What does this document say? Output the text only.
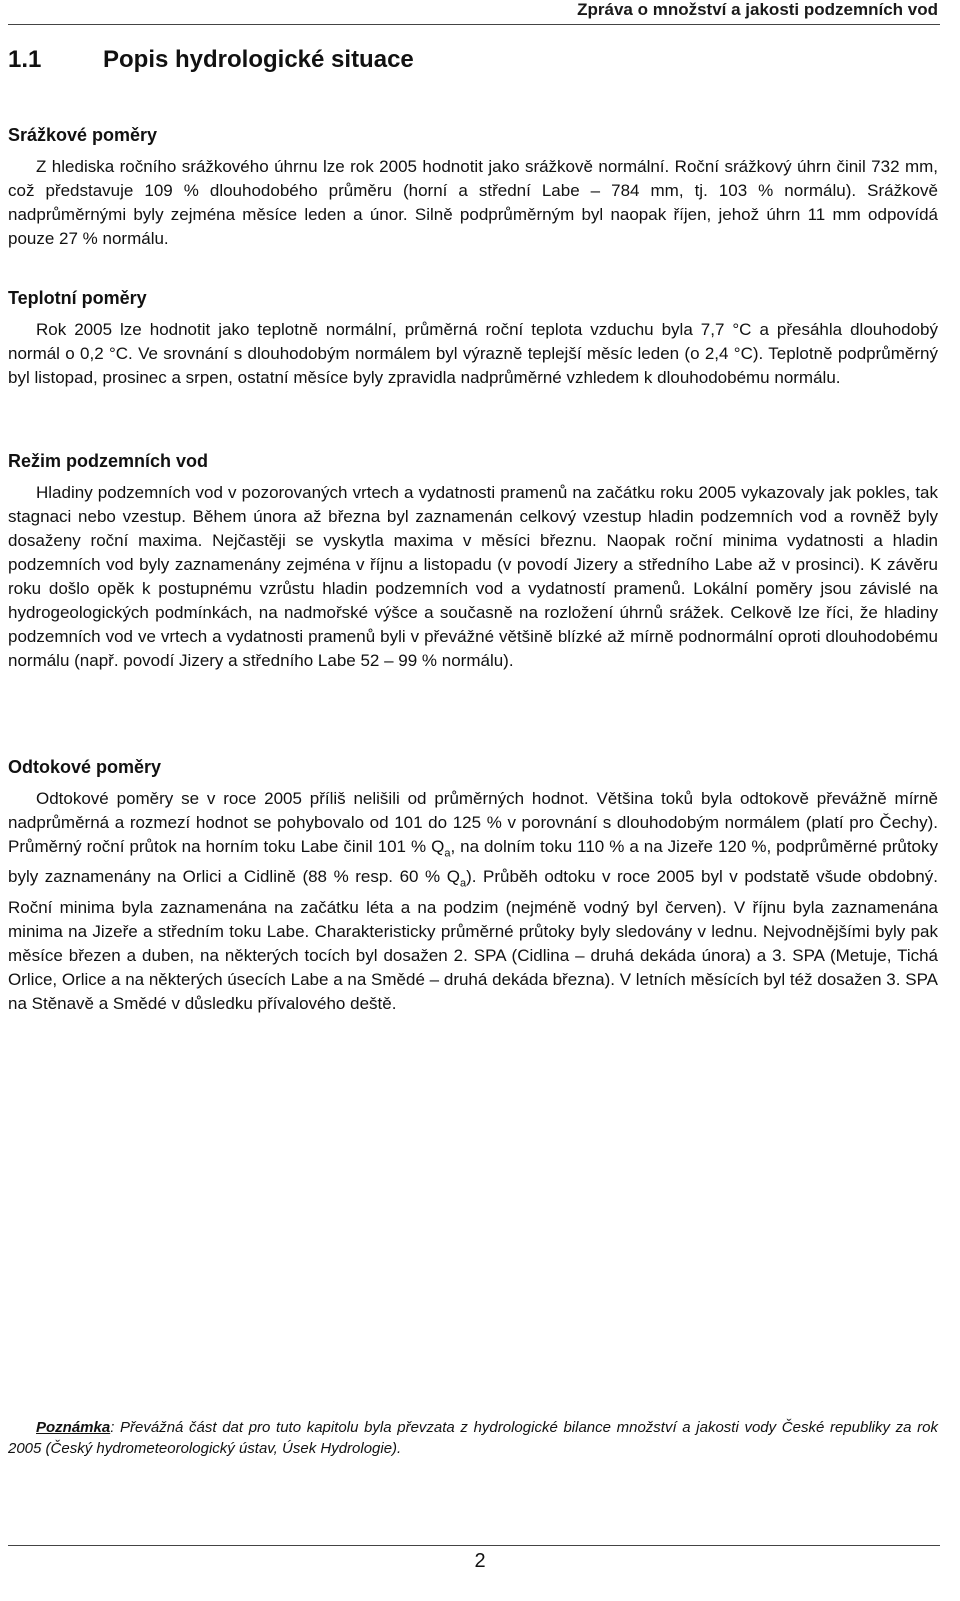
Zpráva o množství a jakosti podzemních vod
1.1	Popis hydrologické situace
Srážkové poměry

Z hlediska ročního srážkového úhrnu lze rok 2005 hodnotit jako srážkově normální. Roční srážkový úhrn činil 732 mm, což představuje 109 % dlouhodobého průměru (horní a střední Labe – 784 mm, tj. 103 % normálu). Srážkově nadprůměrnými byly zejména měsíce leden a únor. Silně podprůměrným byl naopak říjen, jehož úhrn 11 mm odpovídá pouze 27 % normálu.

Teplotní poměry

Rok 2005 lze hodnotit jako teplotně normální, průměrná roční teplota vzduchu byla 7,7 °C a přesáhla dlouhodobý normál o 0,2 °C. Ve srovnání s dlouhodobým normálem byl výrazně teplejší měsíc leden (o 2,4 °C). Teplotně podprůměrný byl listopad, prosinec a srpen, ostatní měsíce byly zpravidla nadprůměrné vzhledem k dlouhodobému normálu.

Režim podzemních vod

Hladiny podzemních vod v pozorovaných vrtech a vydatnosti pramenů na začátku roku 2005 vykazovaly jak pokles, tak stagnaci nebo vzestup. Během února až března byl zaznamenán celkový vzestup hladin podzemních vod a rovněž byly dosaženy roční maxima. Nejčastěji se vyskytla maxima v měsíci březnu. Naopak roční minima vydatnosti a hladin podzemních vod byly zaznamenány zejména v říjnu a listopadu (v povodí Jizery a středního Labe až v prosinci). K závěru roku došlo opěk k postupnému vzrůstu hladin podzemních vod a vydatností pramenů. Lokální poměry jsou závislé na hydrogeologických podmínkách, na nadmořské výšce a současně na rozložení úhrnů srážek. Celkově lze říci, že hladiny podzemních vod ve vrtech a vydatnosti pramenů byli v převážné většině blízké až mírně podnormální oproti dlouhodobému normálu (např. povodí Jizery a středního Labe 52 – 99 % normálu).

Odtokové poměry

Odtokové poměry se v roce 2005 příliš nelišili od průměrných hodnot. Většina toků byla odtokově převážně mírně nadprůměrná a rozmezí hodnot se pohybovalo od 101 do 125 % v porovnání s dlouhodobým normálem (platí pro Čechy). Průměrný roční průtok na horním toku Labe činil 101 % $Q_a$, na dolním toku 110 % a na Jizeře 120 %, podprůměrné průtoky byly zaznamenány na Orlici a Cidlině (88 % resp. 60 % $Q_a$). Průběh odtoku v roce 2005 byl v podstatě všude obdobný. Roční minima byla zaznamenána na začátku léta a na podzim (nejméně vodný byl červen). V říjnu byla zaznamenána minima na Jizeře a středním toku Labe. Charakteristicky průměrné průtoky byly sledovány v lednu. Nejvodnějšími byly pak měsíce březen a duben, na některých tocích byl dosažen 2. SPA (Cidlina – druhá dekáda února) a 3. SPA (Metuje, Tichá Orlice, Orlice a na některých úsecích Labe a na Smědé – druhá dekáda března). V letních měsících byl též dosažen 3. SPA na Stěnavě a Smědé v důsledku přívalového deště.

Poznámka: Převážná část dat pro tuto kapitolu byla převzata z hydrologické bilance množství a jakosti vody České republiky za rok 2005 (Český hydrometeorologický ústav, Úsek Hydrologie).

2
